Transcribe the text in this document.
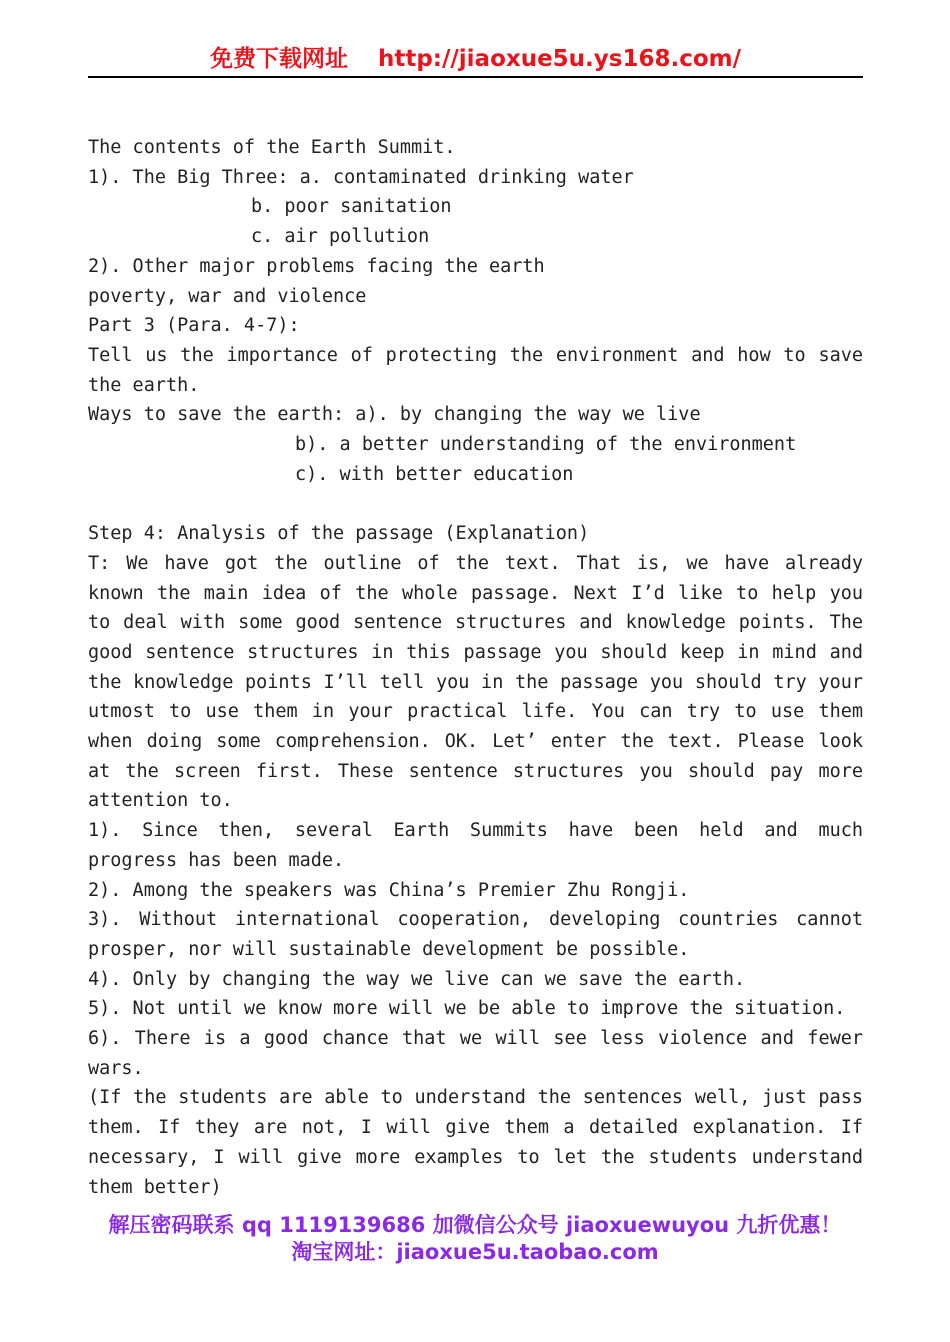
免费下载网址 http://jiaoxue5u.ys168.com/

The contents of the Earth Summit.

1). The Big Three: a. contaminated drinking water

b. poor sanitation

c. air pollution

2). Other major problems facing the earth

poverty, war and violence

Part 3 (Para. 4-7):

Tell us the importance of protecting the environment and how to save the earth.

Ways to save the earth: a). by changing the way we live

b). a better understanding of the environment

c). with better education

Step 4: Analysis of the passage (Explanation)

T: We have got the outline of the text. That is, we have already known the main idea of the whole passage. Next I’d like to help you to deal with some good sentence structures and knowledge points. The good sentence structures in this passage you should keep in mind and the knowledge points I’ll tell you in the passage you should try your utmost to use them in your practical life. You can try to use them when doing some comprehension. OK. Let’ enter the text. Please look at the screen first. These sentence structures you should pay more attention to.

1). Since then, several Earth Summits have been held and much progress has been made.

2). Among the speakers was China’s Premier Zhu Rongji.

3). Without international cooperation, developing countries cannot prosper, nor will sustainable development be possible.

4). Only by changing the way we live can we save the earth.

5). Not until we know more will we be able to improve the situation.

6). There is a good chance that we will see less violence and fewer wars.

(If the students are able to understand the sentences well, just pass them. If they are not, I will give them a detailed explanation. If necessary, I will give more examples to let the students understand them better)

解压密码联系 qq 1119139686 加微信公众号 jiaoxuewuyou 九折优惠！
淘宝网址：jiaoxue5u.taobao.com
